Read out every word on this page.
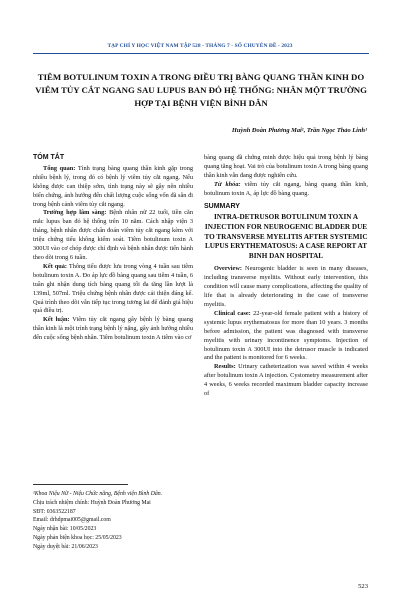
TẠP CHÍ Y HỌC VIỆT NAM TẬP 528 - THÁNG 7 - SỐ CHUYÊN ĐỀ - 2023
TIÊM BOTULINUM TOXIN A TRONG ĐIỀU TRỊ BÀNG QUANG THẦN KINH DO VIÊM TỦY CẮT NGANG SAU LUPUS BAN ĐỎ HỆ THỐNG: NHÂN MỘT TRƯỜNG HỢP TẠI BỆNH VIỆN BÌNH DÂN
Huỳnh Đoàn Phương Mai¹, Trần Ngọc Thảo Linh¹
TÓM TẮT

Tổng quan: Tình trạng bàng quang thần kinh gặp trong nhiều bệnh lý, trong đó có bệnh lý viêm tủy cắt ngang. Nếu không được can thiệp sớm, tình trạng này sẽ gây nên nhiều biến chứng, ảnh hưởng đến chất lượng cuộc sống vốn đã sẵn đi trong bệnh cảnh viêm tủy cắt ngang.

Trường hợp lâm sàng: Bệnh nhân nữ 22 tuổi, tiền căn mắc lupus ban đỏ hệ thống trên 10 năm. Cách nhập viện 3 tháng, bệnh nhân được chẩn đoán viêm tủy cắt ngang kèm với triệu chứng tiểu không kiểm soát. Tiêm botulinum toxin A 300UI vào cơ chóp được chỉ định và bệnh nhân được tiến hành theo dõi trong 6 tuần.

Kết quả: Thông tiểu được lưu trong vòng 4 tuần sau tiêm botulinum toxin A. Đo áp lực đồ bàng quang sau tiêm 4 tuần, 6 tuần ghi nhận dung tích bàng quang tối đa tăng lần lượt là 139ml, 507ml. Triệu chứng bệnh nhân được cải thiện đáng kể. Quá trình theo dõi vẫn tiếp tục trong tương lai để đánh giá hiệu quả điều trị.

Kết luận: Viêm tủy cắt ngang gây bệnh lý bàng quang thần kinh là một trình trạng bệnh lý nặng, gây ảnh hưởng nhiều đến cuộc sống bệnh nhân. Tiêm botulinum toxin A tiêm vào cơ

¹Khoa Niệu Nữ - Niệu Chức năng, Bệnh viện Bình Dân.
Chịu trách nhiệm chính: Huỳnh Đoàn Phương Mai
SĐT: 0363522187
Email: drhdpmai005@gmail.com
Ngày nhận bài: 10/05/2023
Ngày phản biện khoa học: 25/05/2023
Ngày duyệt bài: 21/06/2023

bàng quang đã chứng minh được hiệu quả trong bệnh lý bàng quang tăng hoạt. Vai trò của botulinum toxin A trong bàng quang thần kinh vẫn đang được nghiên cứu.

Từ khóa: viêm tủy cắt ngang, bàng quang thần kinh, botulinum toxin A, áp lực đồ bàng quang.

SUMMARY
INTRA-DETRUSOR BOTULINUM TOXIN A INJECTION FOR NEUROGENIC BLADDER DUE TO TRANSVERSE MYELITIS AFTER SYSTEMIC LUPUS ERYTHEMATOSUS: A CASE REPORT AT BINH DAN HOSPITAL

Overview: Neurogenic bladder is seen in many diseases, including transverse myelitis. Without early intervention, this condition will cause many complications, affecting the quality of life that is already deteriorating in the case of transverse myelitis.

Clinical case: 22-year-old female patient with a history of systemic lupus erythematosus for more than 10 years. 3 months before admission, the patient was diagnosed with transverse myelitis with urinary incontinence symptoms. Injection of botulinum toxin A 300UI into the detrusor muscle is indicated and the patient is monitored for 6 weeks.

Results: Urinary catheterization was saved within 4 weeks after botulinum toxin A injection. Cystometry measurement after 4 weeks, 6 weeks recorded maximum bladder capacity increase of

523
